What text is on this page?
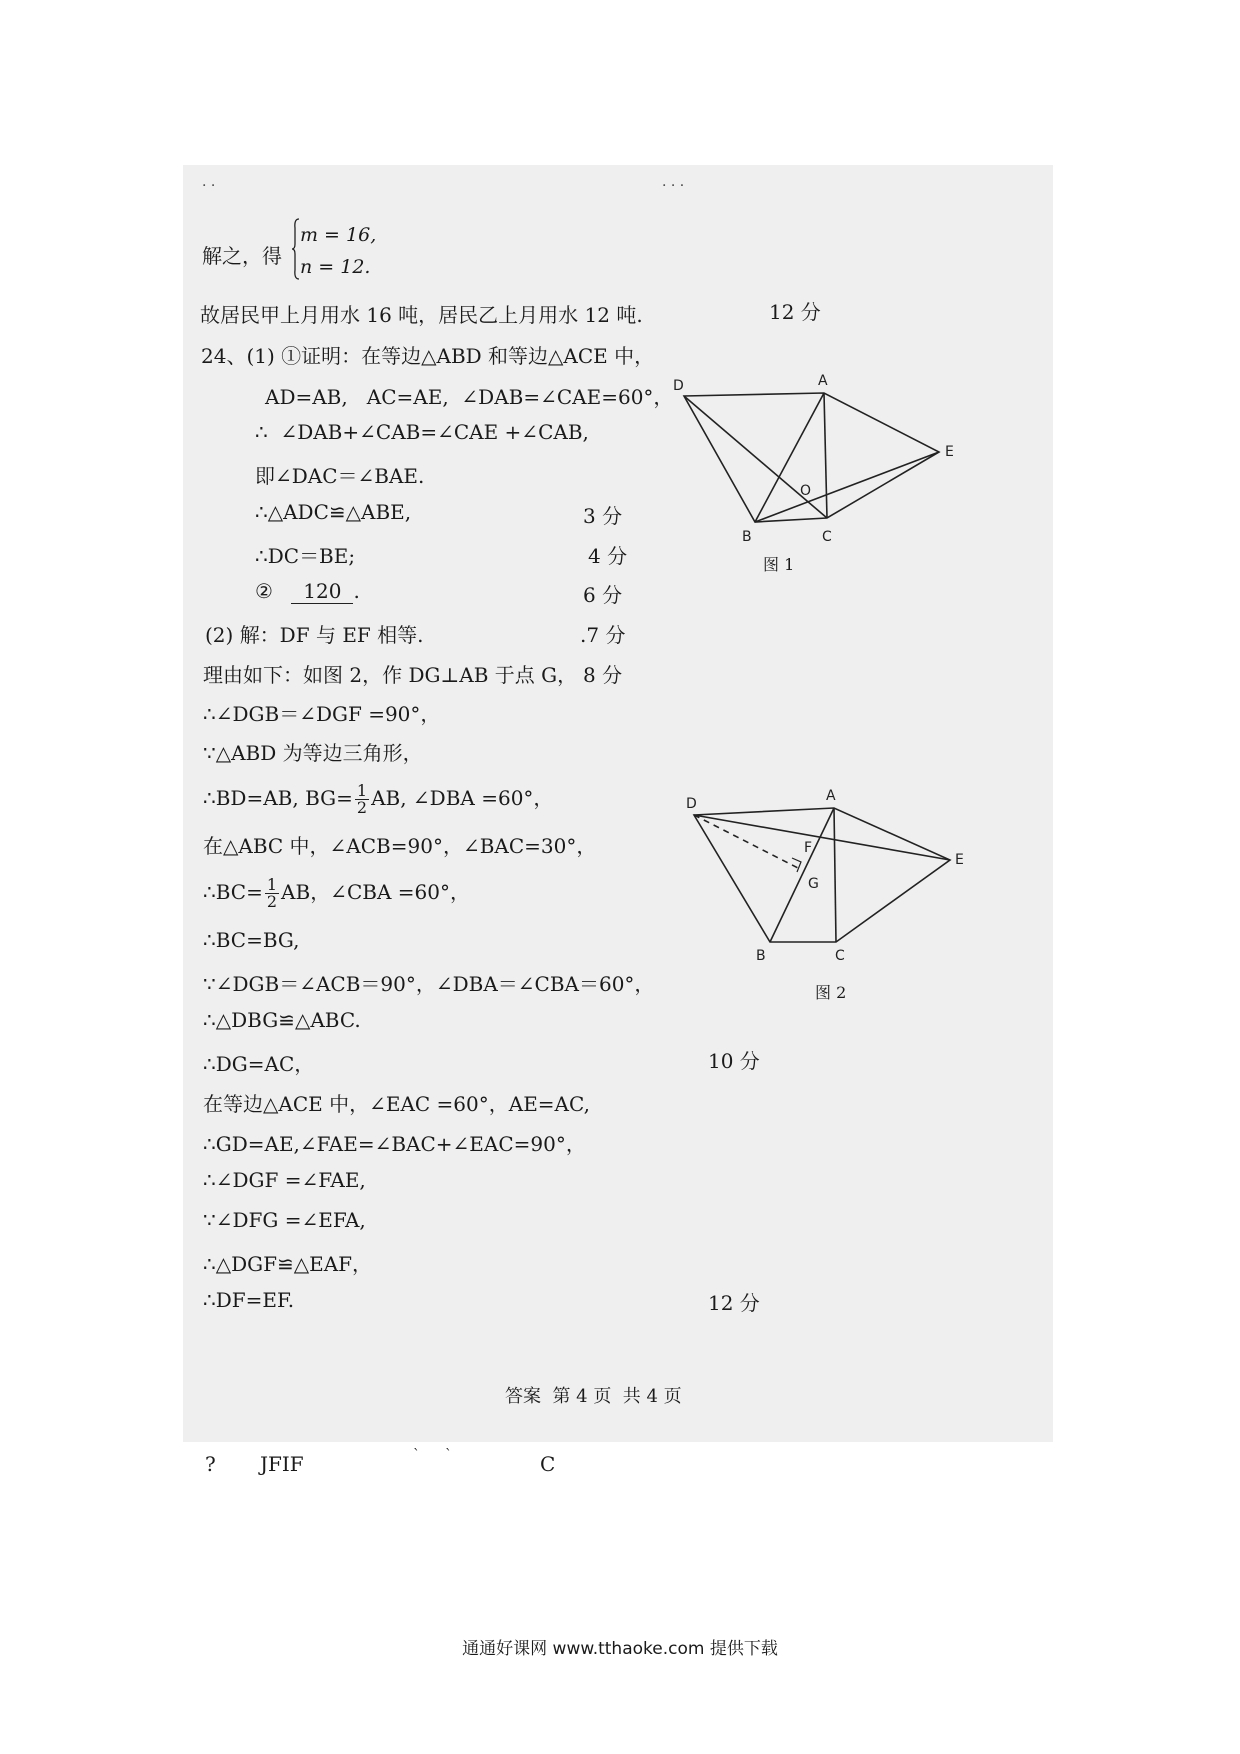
· ·	· · ·
解之，得
m = 16,
n = 12.
故居民甲上月用水 16 吨，居民乙上月用水 12 吨.	12 分
24、(1) ①证明：在等边△ABD 和等边△ACE 中，
AD=AB,   AC=AE,  ∠DAB=∠CAE=60°，
∴  ∠DAB+∠CAB=∠CAE +∠CAB,
即∠DAC＝∠BAE.
∴△ADC≌△ABE,	3 分
∴DC＝BE;	4 分
② 120 .	6 分
(2) 解：DF 与 EF 相等.	.7 分
理由如下：如图 2，作 DG⊥AB 于点 G， 8 分
∴∠DGB＝∠DGF =90°，
∵△ABD 为等边三角形，
∴BD=AB, $BG= \frac{1}{2}$ AB, ∠DBA =60°，
在△ABC 中，∠ACB=90°，∠BAC=30°，
∴BC= $\frac{1}{2}$ AB，∠CBA =60°，
∴BC=BG,
∵∠DGB＝∠ACB＝90°，∠DBA＝∠CBA＝60°，
∴△DBG≌△ABC.
∴DG=AC，	10 分
在等边△ACE 中，∠EAC =60°，AE=AC,
∴GD=AE,∠FAE=∠BAC+∠EAC=90°，
∴∠DGF =∠FAE,
∵∠DFG =∠EFA,
∴△DGF≌△EAF，
∴DF=EF.	12 分
D	A
E
O
B	C
图 1
D	A
E
F
G
B	C
图 2
答案  第 4 页  共 4 页
? JFIF	` `	C
通通好课网 www.tthaoke.com 提供下载
